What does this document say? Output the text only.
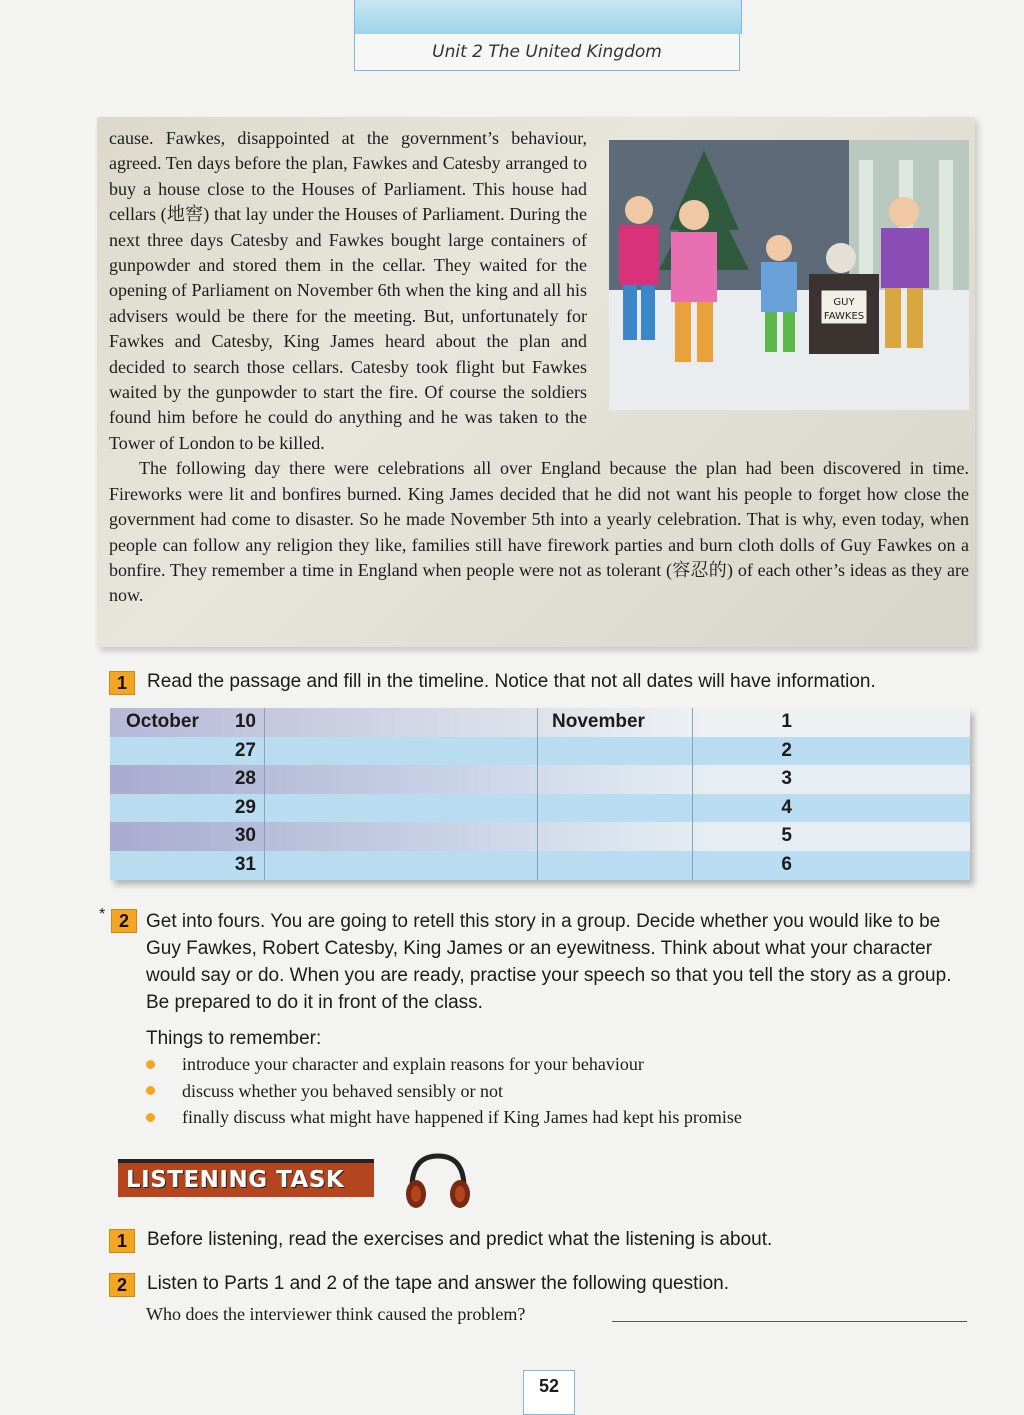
Unit 2 The United Kingdom
GUY
FAWKES

cause. Fawkes, disappointed at the government’s behaviour, agreed. Ten days before the plan, Fawkes and Catesby arranged to buy a house close to the Houses of Parliament. This house had cellars (地窖) that lay under the Houses of Parliament. During the next three days Catesby and Fawkes bought large containers of gunpowder and stored them in the cellar. They waited for the opening of Parliament on November 6th when the king and all his advisers would be there for the meeting. But, unfortunately for Fawkes and Catesby, King James heard about the plan and decided to search those cellars. Catesby took flight but Fawkes waited by the gunpowder to start the fire. Of course the soldiers found him before he could do anything and he was taken to the Tower of London to be killed.

The following day there were celebrations all over England because the plan had been discovered in time. Fireworks were lit and bonfires burned. King James decided that he did not want his people to forget how close the government had come to disaster. So he made November 5th into a yearly celebration. That is why, even today, when people can follow any religion they like, families still have firework parties and burn cloth dolls of Guy Fawkes on a bonfire. They remember a time in England when people were not as tolerant (容忍的) of each other’s ideas as they are now.

1	Read the passage and fill in the timeline. Notice that not all dates will have information.
October 10	November	1
27	2
28	3
29	4
30	5
31	6
* 2 Get into fours. You are going to retell this story in a group. Decide whether you would like to be Guy Fawkes, Robert Catesby, King James or an eyewitness. Think about what your character would say or do. When you are ready, practise your speech so that you tell the story as a group. Be prepared to do it in front of the class.
Things to remember:
introduce your character and explain reasons for your behaviour
discuss whether you behaved sensibly or not
finally discuss what might have happened if King James had kept his promise
LISTENING TASK
1	Before listening, read the exercises and predict what the listening is about.
2	Listen to Parts 1 and 2 of the tape and answer the following question.
Who does the interviewer think caused the problem?
52
